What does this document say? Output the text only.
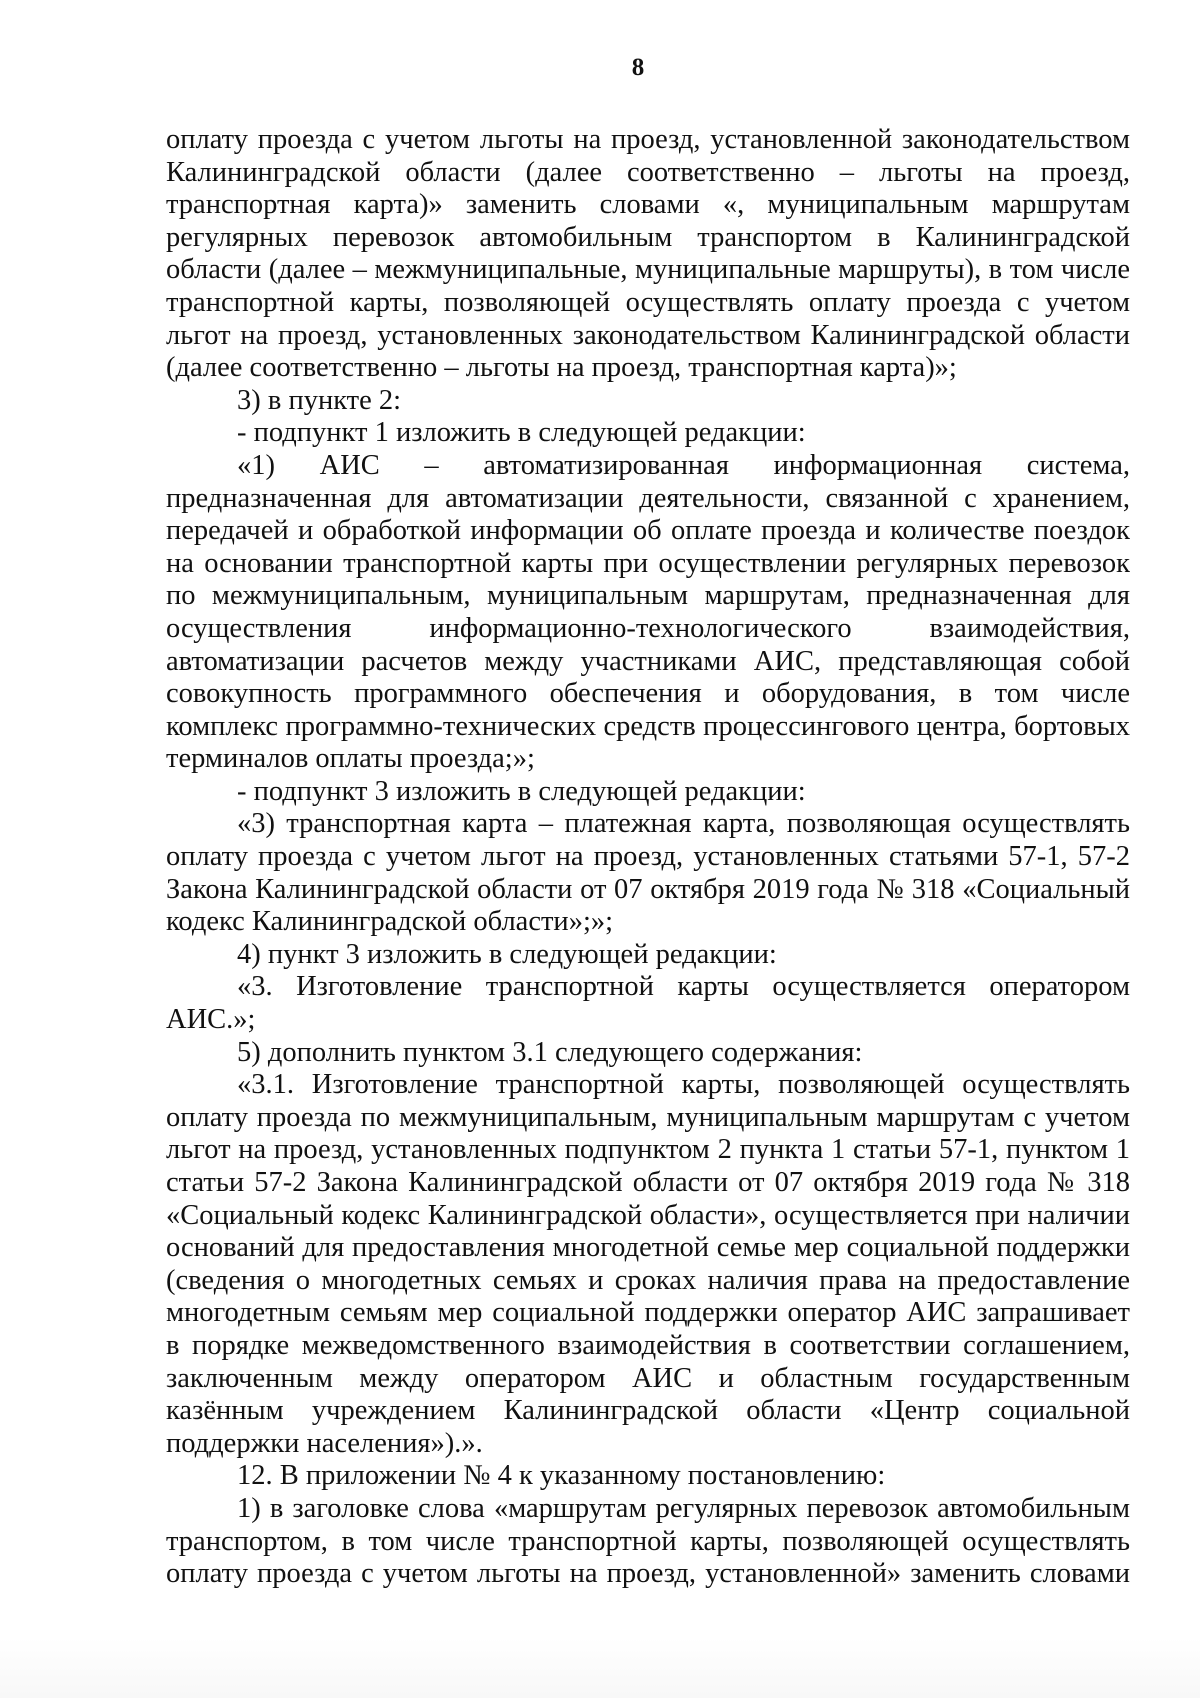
8

оплату проезда с учетом льготы на проезд, установленной законодательством Калининградской области (далее соответственно – льготы на проезд, транспортная карта)» заменить словами «, муниципальным маршрутам регулярных перевозок автомобильным транспортом в Калининградской области (далее – межмуниципальные, муниципальные маршруты), в том числе транспортной карты, позволяющей осуществлять оплату проезда с учетом льгот на проезд, установленных законодательством Калининградской области (далее соответственно – льготы на проезд, транспортная карта)»;

3) в пункте 2:

- подпункт 1 изложить в следующей редакции:

«1) АИС – автоматизированная информационная система, предназначенная для автоматизации деятельности, связанной с хранением, передачей и обработкой информации об оплате проезда и количестве поездок на основании транспортной карты при осуществлении регулярных перевозок по межмуниципальным, муниципальным маршрутам, предназначенная для осуществления информационно-технологического взаимодействия, автоматизации расчетов между участниками АИС, представляющая собой совокупность программного обеспечения и оборудования, в том числе комплекс программно-технических средств процессингового центра, бортовых терминалов оплаты проезда;»;

- подпункт 3 изложить в следующей редакции:

«3) транспортная карта – платежная карта, позволяющая осуществлять оплату проезда с учетом льгот на проезд, установленных статьями 57-1, 57-2 Закона Калининградской области от 07 октября 2019 года № 318 «Социальный кодекс Калининградской области»;»;

4) пункт 3 изложить в следующей редакции:

«3. Изготовление транспортной карты осуществляется оператором АИС.»;

5) дополнить пунктом 3.1 следующего содержания:

«3.1. Изготовление транспортной карты, позволяющей осуществлять оплату проезда по межмуниципальным, муниципальным маршрутам с учетом льгот на проезд, установленных подпунктом 2 пункта 1 статьи 57-1, пунктом 1 статьи 57-2 Закона Калининградской области от 07 октября 2019 года № 318 «Социальный кодекс Калининградской области», осуществляется при наличии оснований для предоставления многодетной семье мер социальной поддержки (сведения о многодетных семьях и сроках наличия права на предоставление многодетным семьям мер социальной поддержки оператор АИС запрашивает в порядке межведомственного взаимодействия в соответствии соглашением, заключенным между оператором АИС и областным государственным казённым учреждением Калининградской области «Центр социальной поддержки населения»).».

12. В приложении № 4 к указанному постановлению:

1) в заголовке слова «маршрутам регулярных перевозок автомобильным транспортом, в том числе транспортной карты, позволяющей осуществлять оплату проезда с учетом льготы на проезд, установленной» заменить словами
